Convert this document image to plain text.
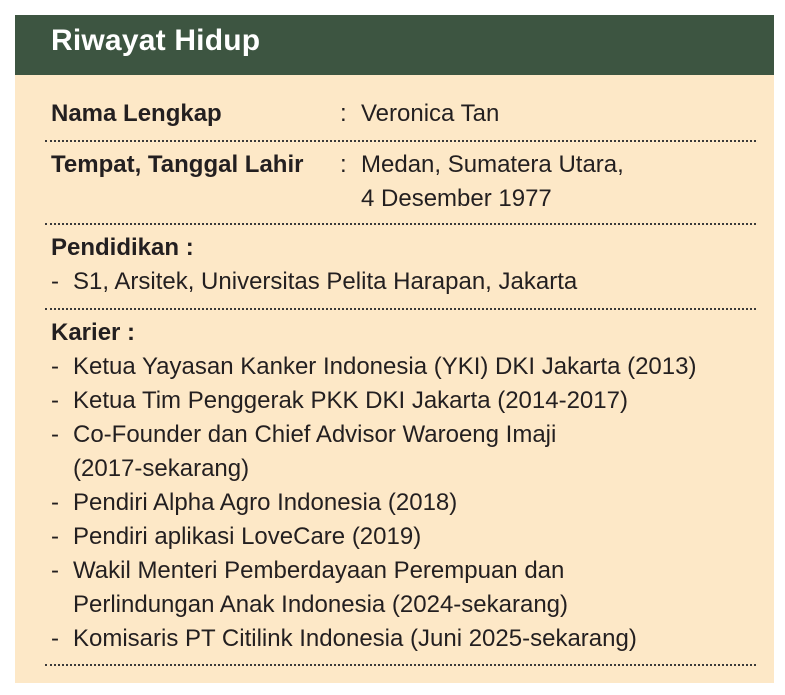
Riwayat Hidup
Nama Lengkap	: Veronica Tan
Tempat, Tanggal Lahir : Medan, Sumatera Utara,
4 Desember 1977
Pendidikan :
- S1, Arsitek, Universitas Pelita Harapan, Jakarta
Karier :
- Ketua Yayasan Kanker Indonesia (YKI) DKI Jakarta (2013)
- Ketua Tim Penggerak PKK DKI Jakarta (2014-2017)
- Co-Founder dan Chief Advisor Waroeng Imaji
(2017-sekarang)
- Pendiri Alpha Agro Indonesia (2018)
- Pendiri aplikasi LoveCare (2019)
- Wakil Menteri Pemberdayaan Perempuan dan
Perlindungan Anak Indonesia (2024-sekarang)
- Komisaris PT Citilink Indonesia (Juni 2025-sekarang)
